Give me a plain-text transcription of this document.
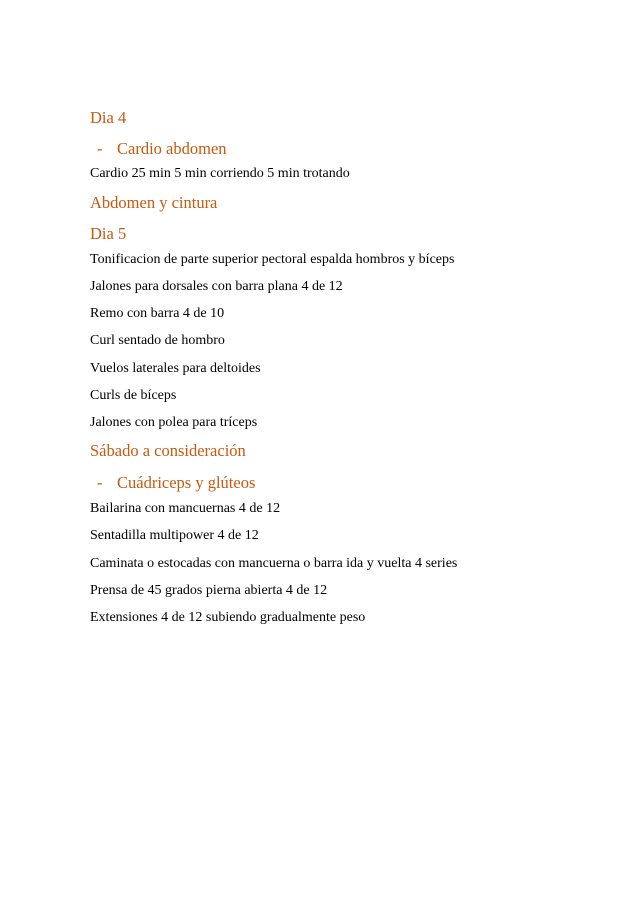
Dia 4
- Cardio abdomen
Cardio 25 min 5 min corriendo 5 min trotando
Abdomen y cintura
Dia 5
Tonificacion de parte superior pectoral espalda hombros y bíceps
Jalones para dorsales con barra plana 4 de 12
Remo con barra 4 de 10
Curl sentado de hombro
Vuelos laterales para deltoides
Curls de bíceps
Jalones con polea para tríceps
Sábado a consideración
- Cuádriceps y glúteos
Bailarina con mancuernas 4 de 12
Sentadilla multipower 4 de 12
Caminata o estocadas con mancuerna o barra ida y vuelta 4 series
Prensa de 45 grados pierna abierta 4 de 12
Extensiones 4 de 12 subiendo gradualmente peso
